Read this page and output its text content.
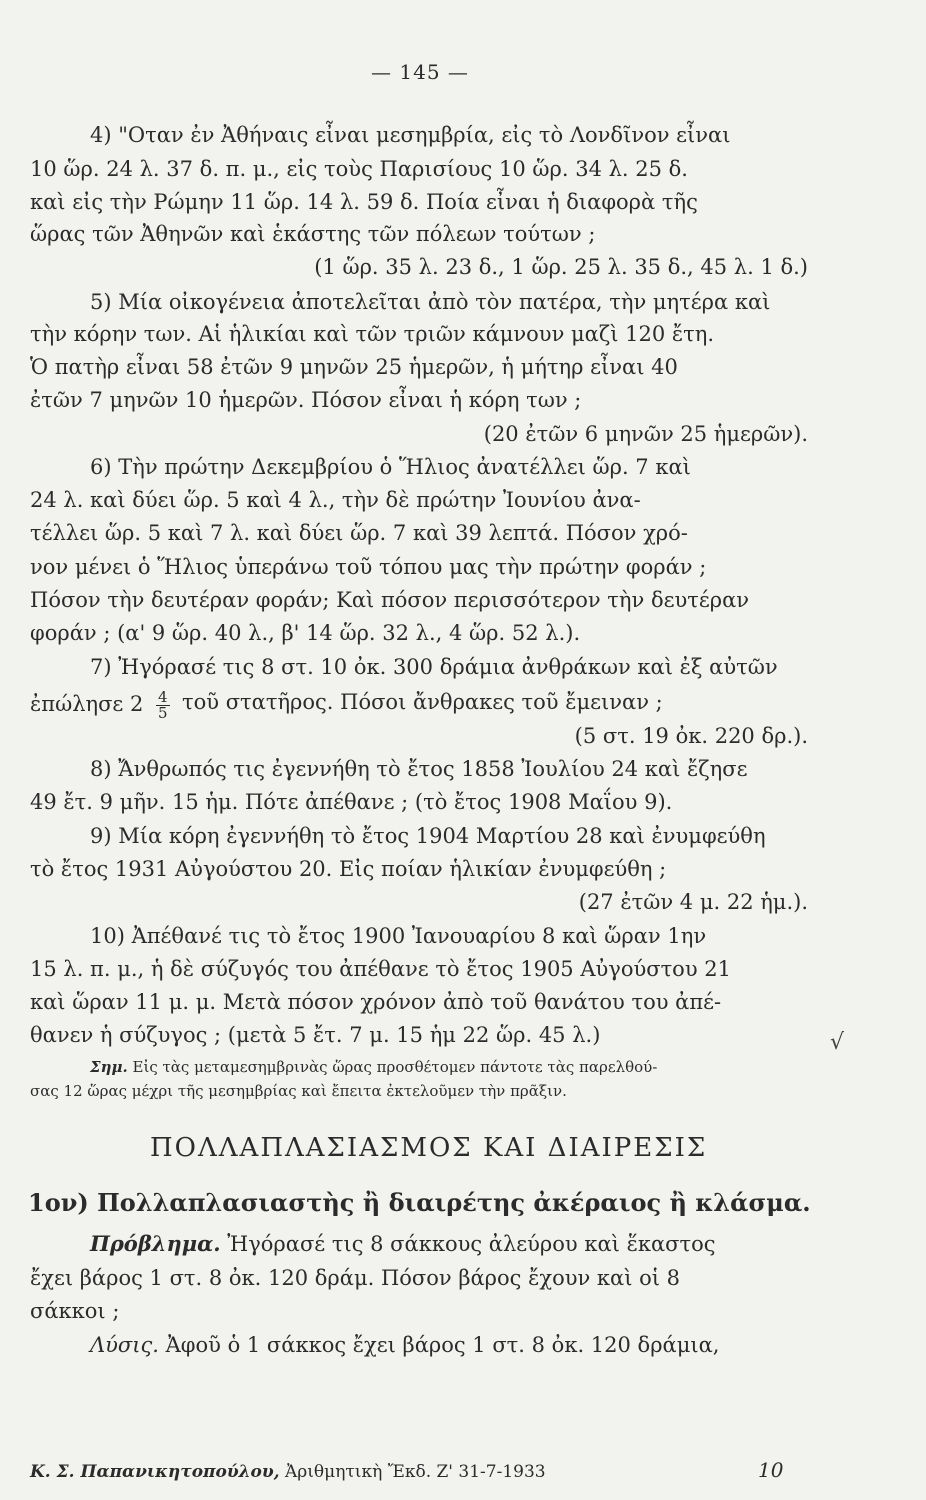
— 145 —
4) "Οταν ἐν Ἀθήναις εἶναι μεσημβρία, εἰς τὸ Λονδῖνον εἶναι
10 ὥρ. 24 λ. 37 δ. π. μ., εἰς τοὺς Παρισίους 10 ὥρ. 34 λ. 25 δ.
καὶ εἰς τὴν Ρώμην 11 ὥρ. 14 λ. 59 δ. Ποία εἶναι ἡ διαφορὰ τῆς
ὥρας τῶν Ἀθηνῶν καὶ ἑκάστης τῶν πόλεων τούτων ;
(1 ὥρ. 35 λ. 23 δ., 1 ὥρ. 25 λ. 35 δ., 45 λ. 1 δ.)
5) Μία οἰκογένεια ἀποτελεῖται ἀπὸ τὸν πατέρα, τὴν μητέρα καὶ
τὴν κόρην των. Αἱ ἡλικίαι καὶ τῶν τριῶν κάμνουν μαζὶ 120 ἔτη.
Ὁ πατὴρ εἶναι 58 ἐτῶν 9 μηνῶν 25 ἡμερῶν, ἡ μήτηρ εἶναι 40
ἐτῶν 7 μηνῶν 10 ἡμερῶν. Πόσον εἶναι ἡ κόρη των ;
(20 ἐτῶν 6 μηνῶν 25 ἡμερῶν).
6) Τὴν πρώτην Δεκεμβρίου ὁ Ἥλιος ἀνατέλλει ὥρ. 7 καὶ
24 λ. καὶ δύει ὥρ. 5 καὶ 4 λ., τὴν δὲ πρώτην Ἰουνίου ἀνα-
τέλλει ὥρ. 5 καὶ 7 λ. καὶ δύει ὥρ. 7 καὶ 39 λεπτά. Πόσον χρό-
νον μένει ὁ Ἥλιος ὑπεράνω τοῦ τόπου μας τὴν πρώτην φοράν ;
Πόσον τὴν δευτέραν φοράν; Καὶ πόσον περισσότερον τὴν δευτέραν
φοράν ; (α' 9 ὥρ. 40 λ., β' 14 ὥρ. 32 λ., 4 ὥρ. 52 λ.).
7) Ἠγόρασέ τις 8 στ. 10 ὀκ. 300 δράμια ἀνθράκων καὶ ἐξ αὐτῶν
τοῦ στατῆρος. Πόσοι ἄνθρακες τοῦ ἔμειναν ;
(5 στ. 19 ὀκ. 220 δρ.).
8) Ἄνθρωπός τις ἐγεννήθη τὸ ἔτος 1858 Ἰουλίου 24 καὶ ἔζησε
49 ἔτ. 9 μῆν. 15 ἡμ. Πότε ἀπέθανε ; (τὸ ἔτος 1908 Μαΐου 9).
9) Μία κόρη ἐγεννήθη τὸ ἔτος 1904 Μαρτίου 28 καὶ ἐνυμφεύθη
τὸ ἔτος 1931 Αὐγούστου 20. Εἰς ποίαν ἡλικίαν ἐνυμφεύθη ;
(27 ἐτῶν 4 μ. 22 ἡμ.).
10) Ἀπέθανέ τις τὸ ἔτος 1900 Ἰανουαρίου 8 καὶ ὥραν 1ην
15 λ. π. μ., ἡ δὲ σύζυγός του ἀπέθανε τὸ ἔτος 1905 Αὐγούστου 21
καὶ ὥραν 11 μ. μ. Μετὰ πόσον χρόνον ἀπὸ τοῦ θανάτου του ἀπέ-
θανεν ἡ σύζυγος ; (μετὰ 5 ἔτ. 7 μ. 15 ἡμ 22 ὥρ. 45 λ.)
ἐπώλησε $2 \frac{4}{5}$
Σημ. Εἰς τὰς μεταμεσημβρινὰς ὥρας προσθέτομεν πάντοτε τὰς παρελθού-
σας 12 ὥρας μέχρι τῆς μεσημβρίας καὶ ἔπειτα ἐκτελοῦμεν τὴν πρᾶξιν.
ΠΟΛΛΑΠΛΑΣΙΑΣΜΟΣ ΚΑΙ ΔΙΑΙΡΕΣΙΣ
1ον) Πολλαπλασιαστὴς ἢ διαιρέτης ἀκέραιος ἢ κλάσμα.
Πρόβλημα. Ἠγόρασέ τις 8 σάκκους ἀλεύρου καὶ ἕκαστος
ἔχει βάρος 1 στ. 8 ὀκ. 120 δράμ. Πόσον βάρος ἔχουν καὶ οἱ 8
σάκκοι ;
Λύσις. Ἀφοῦ ὁ 1 σάκκος ἔχει βάρος 1 στ. 8 ὀκ. 120 δράμια,
√
Κ. Σ. Παπανικητοπούλου, Ἀριθμητικὴ Ἔκδ. Ζ' 31-7-1933	10
